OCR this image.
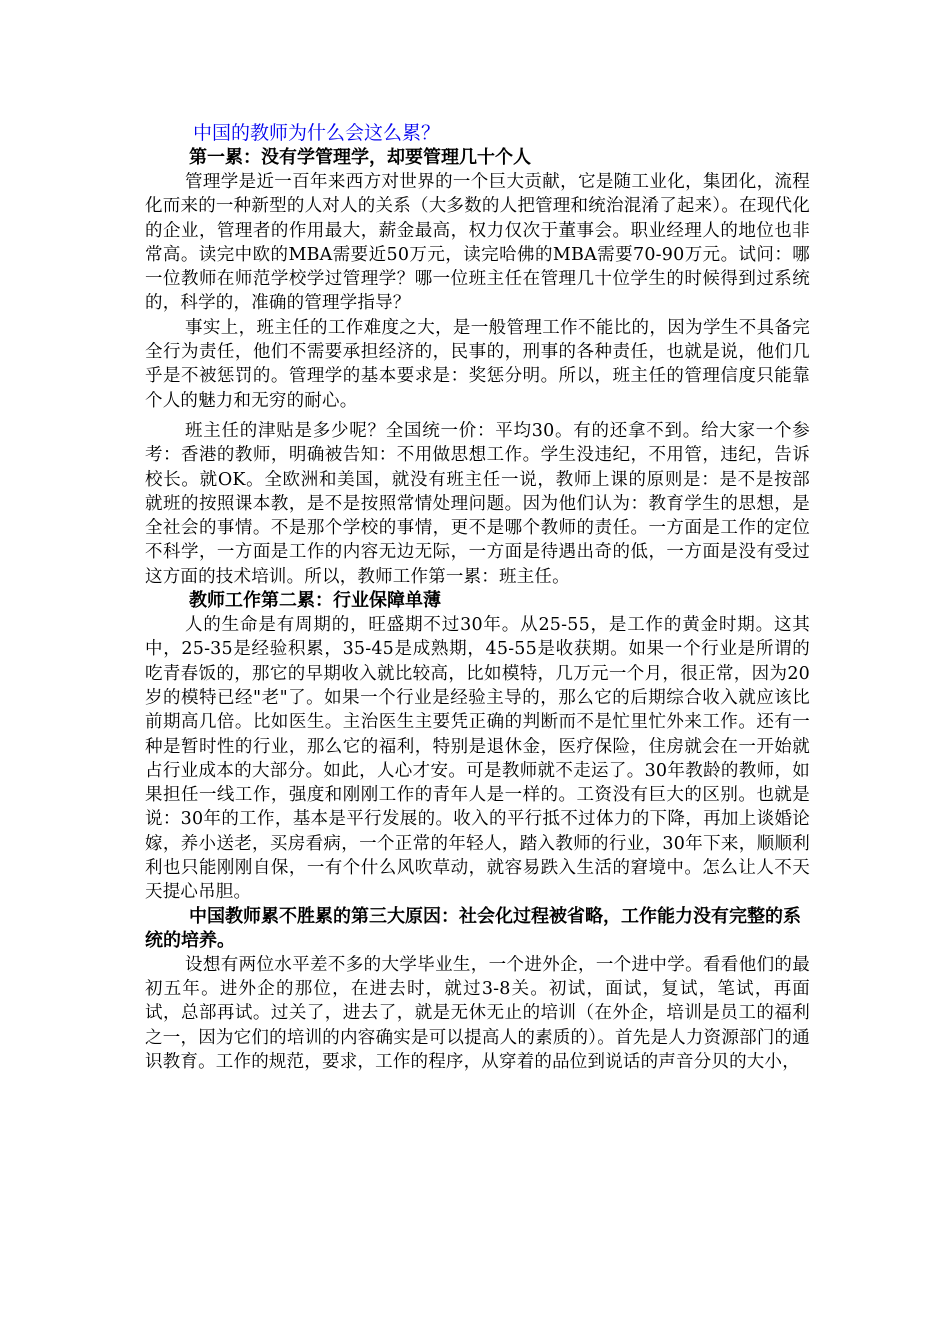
中国的教师为什么会这么累？
第一累：没有学管理学，却要管理几十个人

管理学是近一百年来西方对世界的一个巨大贡献，它是随工业化，集团化，流程化而来的一种新型的人对人的关系（大多数的人把管理和统治混淆了起来）。在现代化的企业，管理者的作用最大，薪金最高，权力仅次于董事会。职业经理人的地位也非常高。读完中欧的MBA需要近50万元，读完哈佛的MBA需要70-90万元。试问：哪一位教师在师范学校学过管理学？哪一位班主任在管理几十位学生的时候得到过系统的，科学的，准确的管理学指导？

事实上，班主任的工作难度之大，是一般管理工作不能比的，因为学生不具备完全行为责任，他们不需要承担经济的，民事的，刑事的各种责任，也就是说，他们几乎是不被惩罚的。管理学的基本要求是：奖惩分明。所以，班主任的管理信度只能靠个人的魅力和无穷的耐心。

班主任的津贴是多少呢？全国统一价：平均30。有的还拿不到。给大家一个参考：香港的教师，明确被告知：不用做思想工作。学生没违纪，不用管，违纪，告诉校长。就OK。全欧洲和美国，就没有班主任一说，教师上课的原则是：是不是按部就班的按照课本教，是不是按照常情处理问题。因为他们认为：教育学生的思想，是全社会的事情。不是那个学校的事情，更不是哪个教师的责任。一方面是工作的定位不科学，一方面是工作的内容无边无际，一方面是待遇出奇的低，一方面是没有受过这方面的技术培训。所以，教师工作第一累：班主任。

教师工作第二累：行业保障单薄

人的生命是有周期的，旺盛期不过30年。从25-55，是工作的黄金时期。这其中，25-35是经验积累，35-45是成熟期，45-55是收获期。如果一个行业是所谓的吃青春饭的，那它的早期收入就比较高，比如模特，几万元一个月，很正常，因为20岁的模特已经"老"了。如果一个行业是经验主导的，那么它的后期综合收入就应该比前期高几倍。比如医生。主治医生主要凭正确的判断而不是忙里忙外来工作。还有一种是暂时性的行业，那么它的福利，特别是退休金，医疗保险，住房就会在一开始就占行业成本的大部分。如此，人心才安。可是教师就不走运了。30年教龄的教师，如果担任一线工作，强度和刚刚工作的青年人是一样的。工资没有巨大的区别。也就是说：30年的工作，基本是平行发展的。收入的平行抵不过体力的下降，再加上谈婚论嫁，养小送老，买房看病，一个正常的年轻人，踏入教师的行业，30年下来，顺顺利利也只能刚刚自保，一有个什么风吹草动，就容易跌入生活的窘境中。怎么让人不天天提心吊胆。

中国教师累不胜累的第三大原因：社会化过程被省略，工作能力没有完整的系统的培养。

设想有两位水平差不多的大学毕业生，一个进外企，一个进中学。看看他们的最初五年。进外企的那位，在进去时，就过3-8关。初试，面试，复试，笔试，再面试，总部再试。过关了，进去了，就是无休无止的培训（在外企，培训是员工的福利之一，因为它们的培训的内容确实是可以提高人的素质的）。首先是人力资源部门的通识教育。工作的规范，要求，工作的程序，从穿着的品位到说话的声音分贝的大小，
